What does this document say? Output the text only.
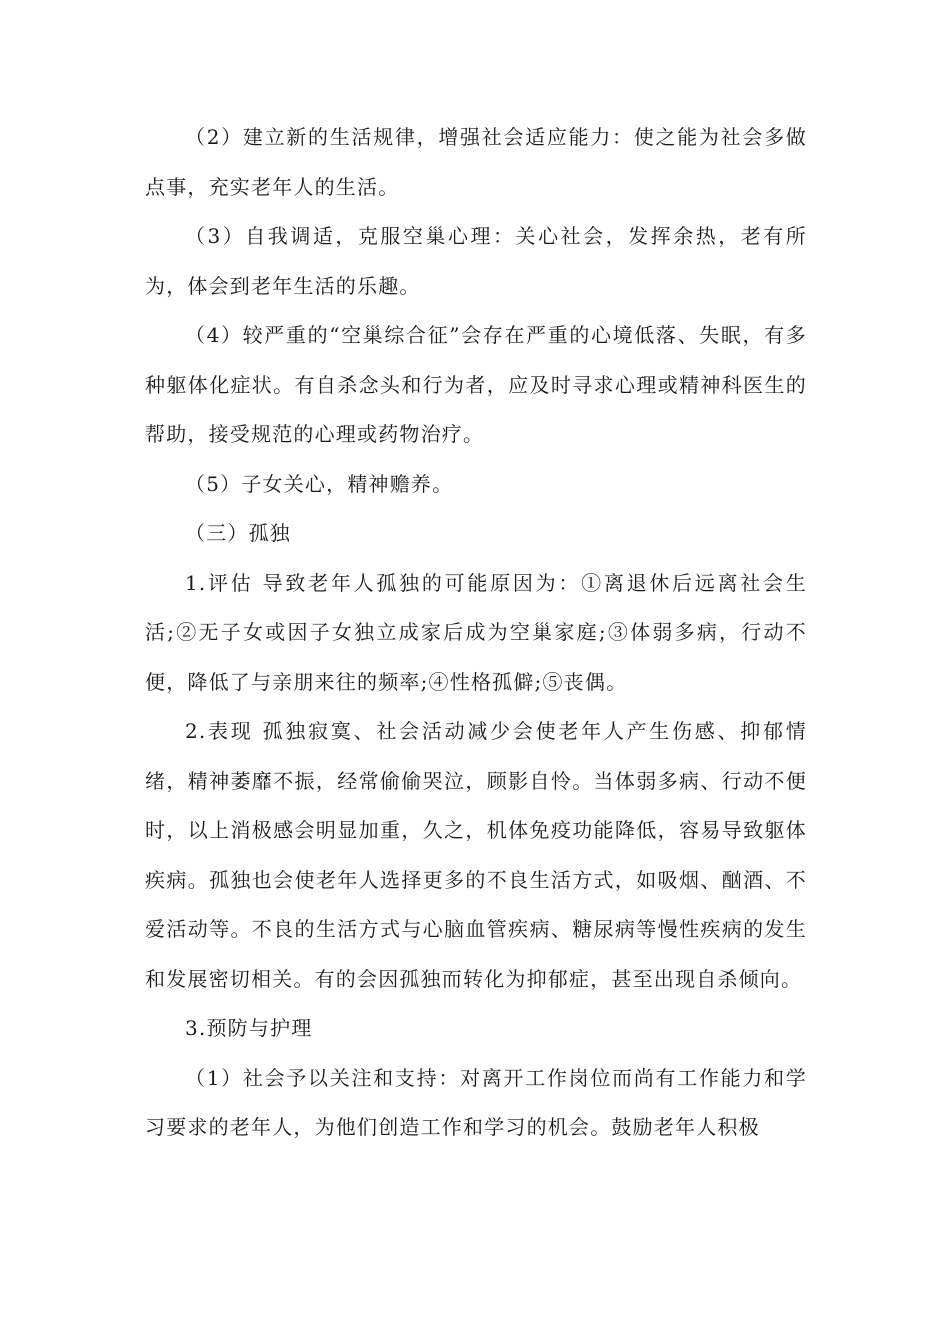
（2）建立新的生活规律，增强社会适应能力：使之能为社会多做点事，充实老年人的生活。

（3）自我调适，克服空巢心理：关心社会，发挥余热，老有所为，体会到老年生活的乐趣。

（4）较严重的“空巢综合征”会存在严重的心境低落、失眠，有多种躯体化症状。有自杀念头和行为者，应及时寻求心理或精神科医生的帮助，接受规范的心理或药物治疗。

（5）子女关心，精神赡养。

（三）孤独

1.评估 导致老年人孤独的可能原因为：①离退休后远离社会生活;②无子女或因子女独立成家后成为空巢家庭;③体弱多病，行动不便，降低了与亲朋来往的频率;④性格孤僻;⑤丧偶。

2.表现 孤独寂寞、社会活动减少会使老年人产生伤感、抑郁情绪，精神萎靡不振，经常偷偷哭泣，顾影自怜。当体弱多病、行动不便时，以上消极感会明显加重，久之，机体免疫功能降低，容易导致躯体疾病。孤独也会使老年人选择更多的不良生活方式，如吸烟、酗酒、不爱活动等。不良的生活方式与心脑血管疾病、糖尿病等慢性疾病的发生和发展密切相关。有的会因孤独而转化为抑郁症，甚至出现自杀倾向。

3.预防与护理

（1）社会予以关注和支持：对离开工作岗位而尚有工作能力和学习要求的老年人，为他们创造工作和学习的机会。鼓励老年人积极
